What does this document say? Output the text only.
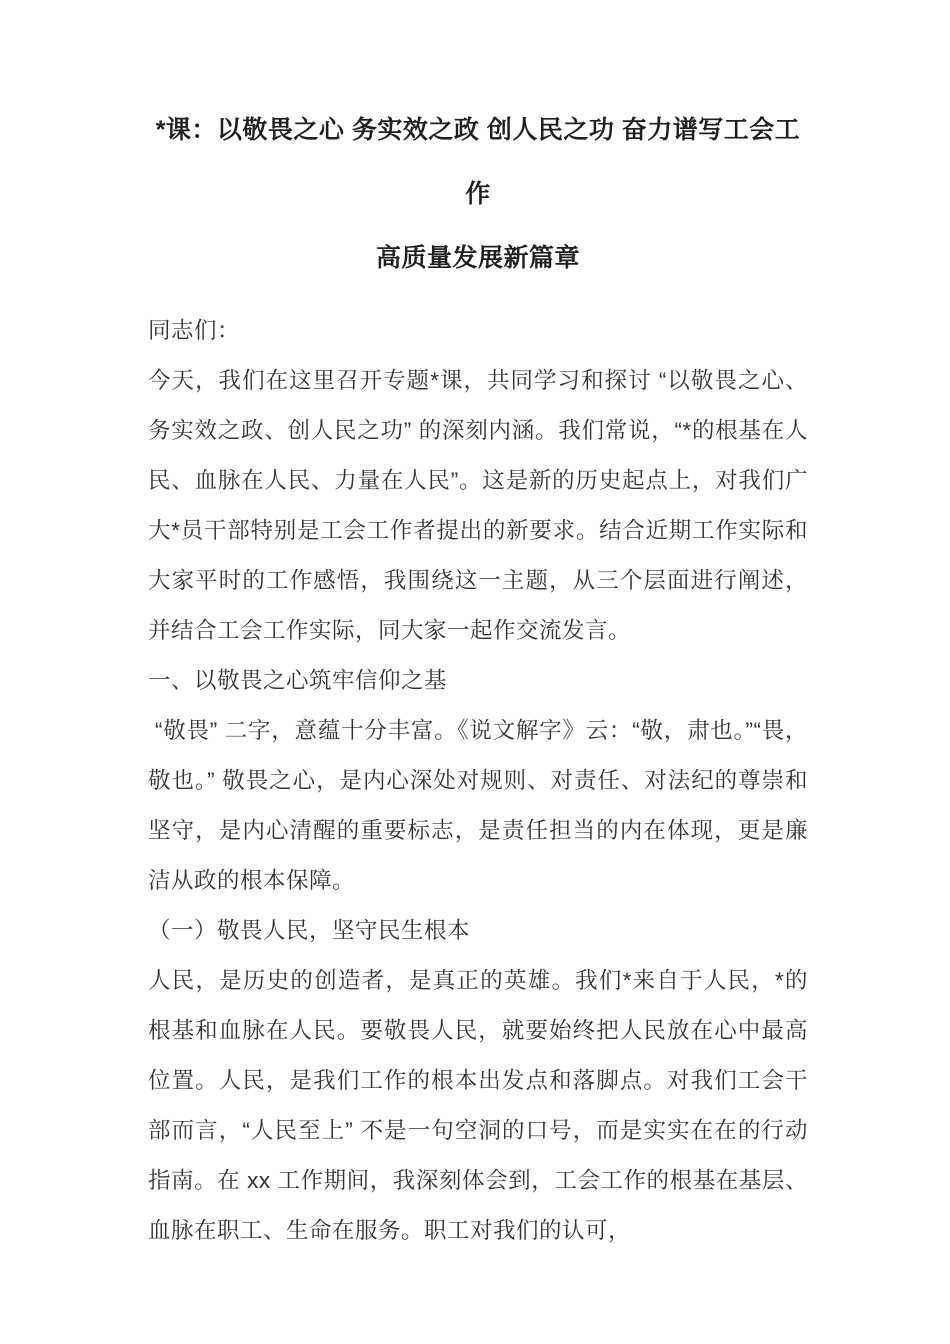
*课：以敬畏之心 务实效之政 创人民之功 奋力谱写工会工作
高质量发展新篇章

同志们：

今天，我们在这里召开专题*课，共同学习和探讨 “以敬畏之心、务实效之政、创人民之功” 的深刻内涵。我们常说，“*的根基在人民、血脉在人民、力量在人民”。这是新的历史起点上，对我们广大*员干部特别是工会工作者提出的新要求。结合近期工作实际和大家平时的工作感悟，我围绕这一主题，从三个层面进行阐述，并结合工会工作实际，同大家一起作交流发言。

一、以敬畏之心筑牢信仰之基

“敬畏” 二字，意蕴十分丰富。《说文解字》云：“敬，肃也。”“畏，敬也。” 敬畏之心，是内心深处对规则、对责任、对法纪的尊崇和坚守，是内心清醒的重要标志，是责任担当的内在体现，更是廉洁从政的根本保障。

（一）敬畏人民，坚守民生根本

人民，是历史的创造者，是真正的英雄。我们*来自于人民，*的根基和血脉在人民。要敬畏人民，就要始终把人民放在心中最高位置。人民，是我们工作的根本出发点和落脚点。对我们工会干部而言，“人民至上” 不是一句空洞的口号，而是实实在在的行动指南。在 xx 工作期间，我深刻体会到，工会工作的根基在基层、血脉在职工、生命在服务。职工对我们的认可，
